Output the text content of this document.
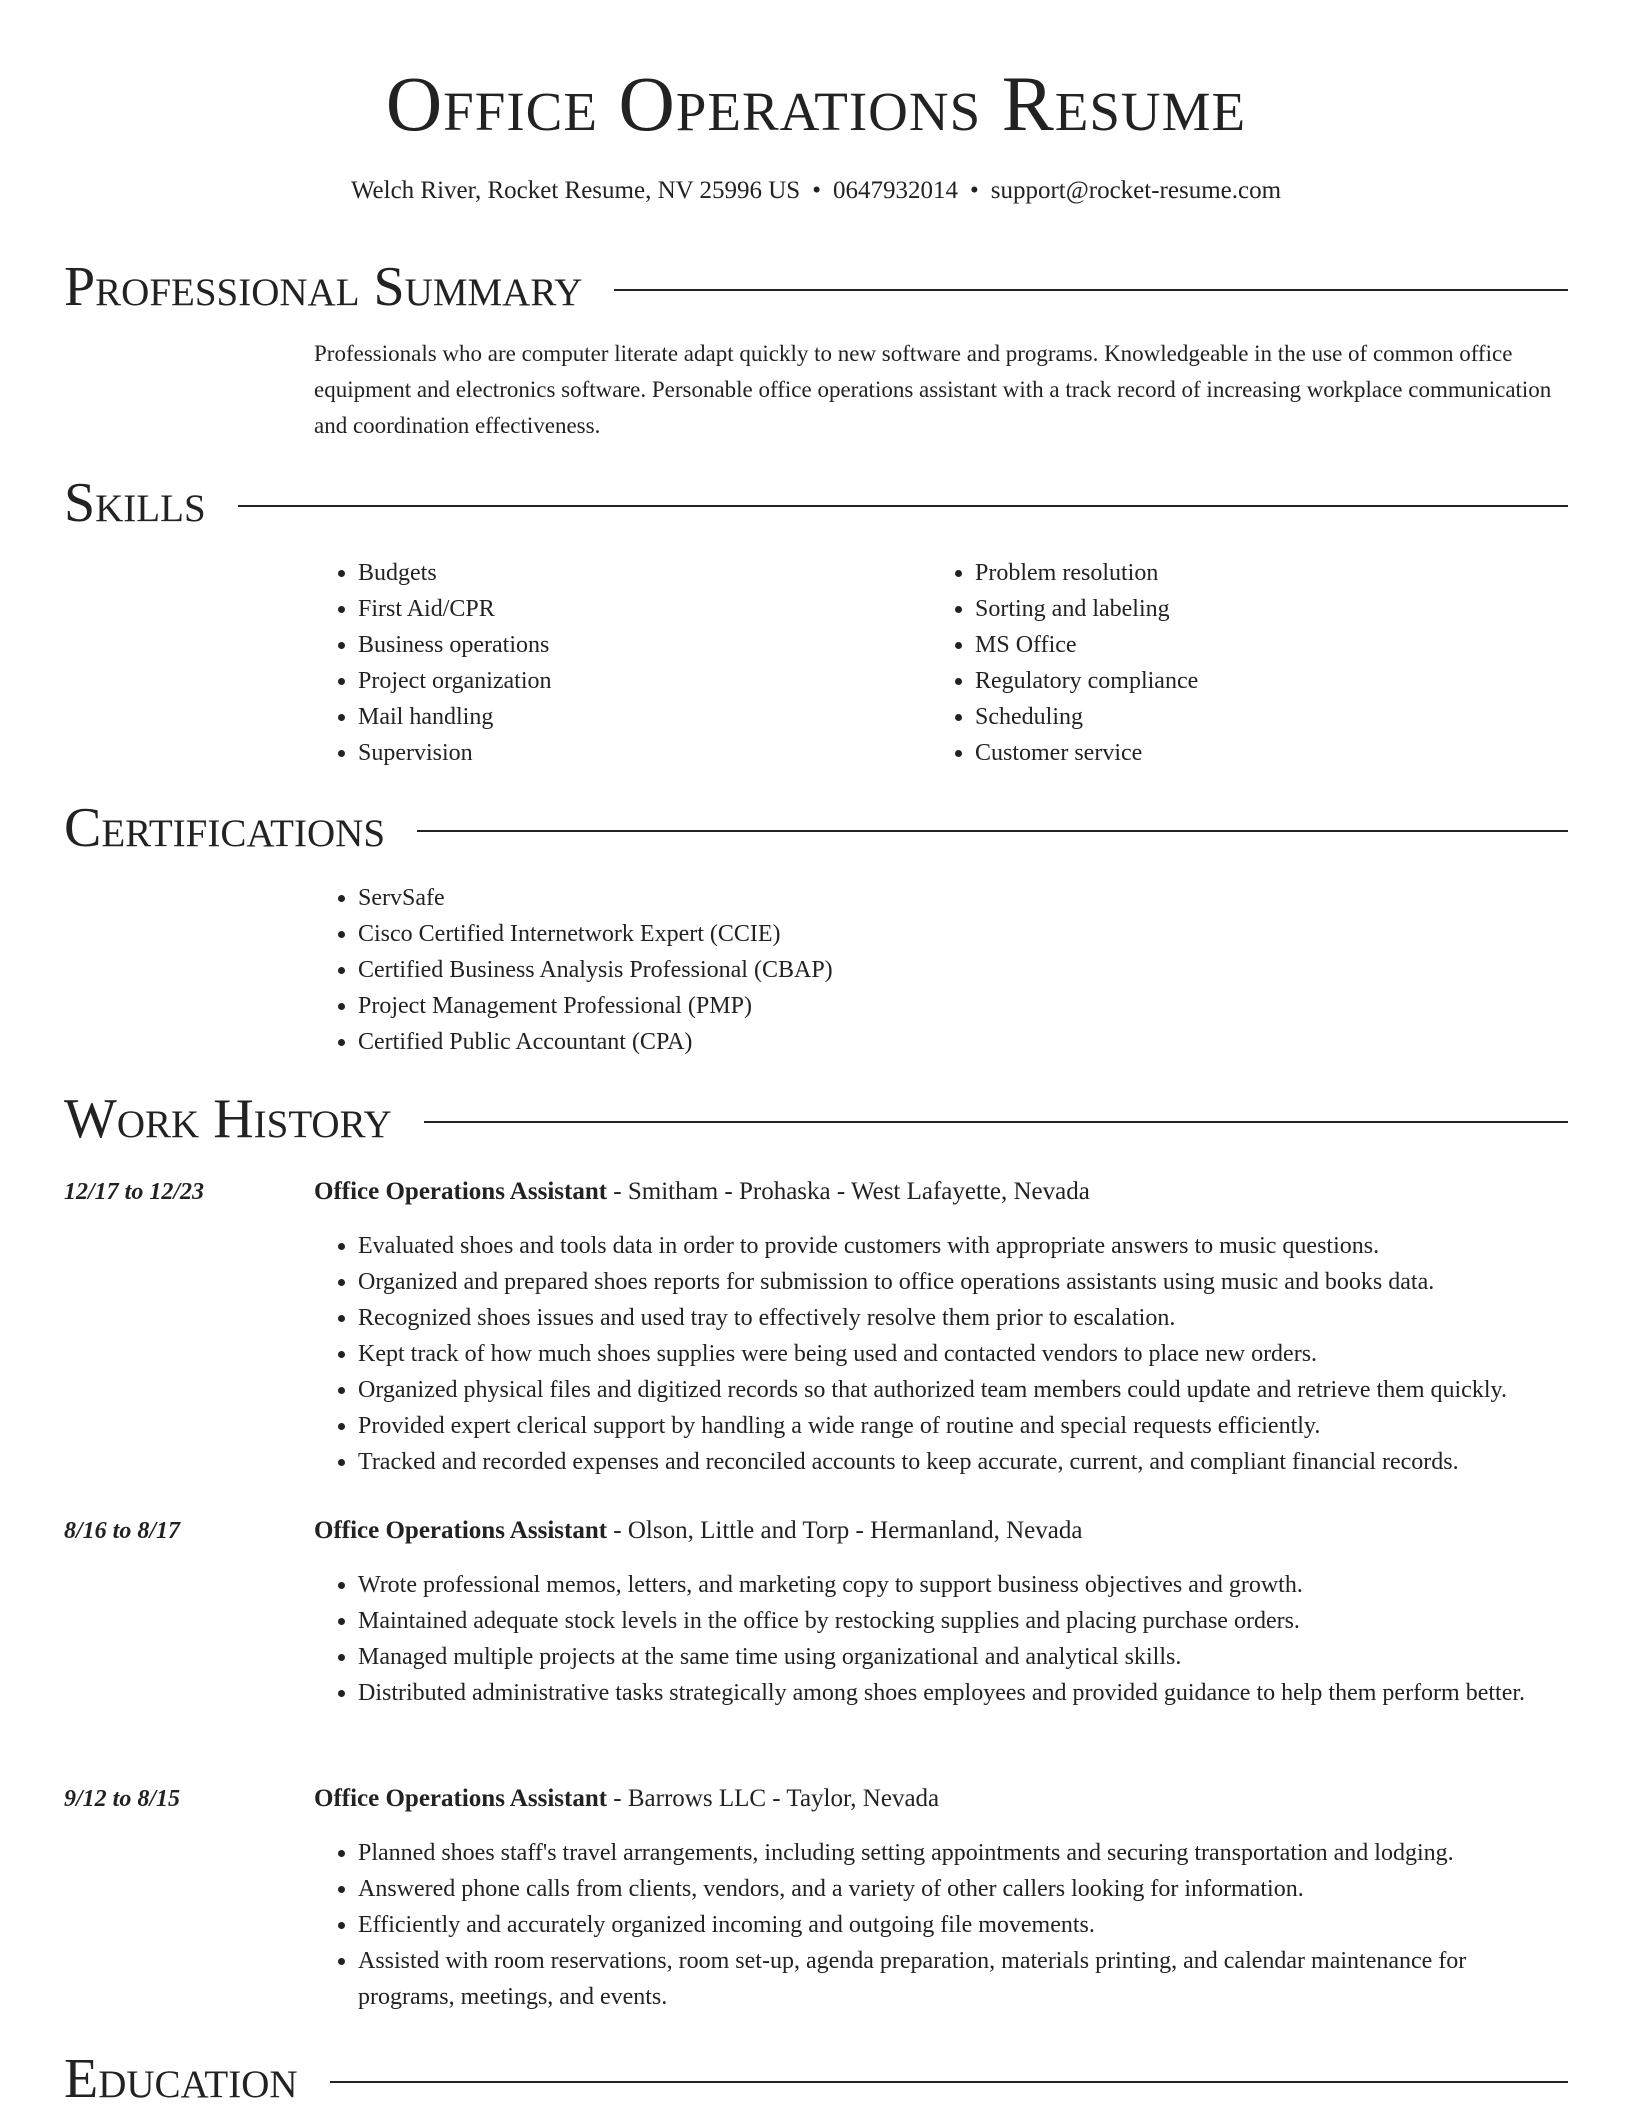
Office Operations Resume
Welch River, Rocket Resume, NV 25996 US • 0647932014 • support@rocket-resume.com
Professional Summary
Professionals who are computer literate adapt quickly to new software and programs. Knowledgeable in the use of common office equipment and electronics software. Personable office operations assistant with a track record of increasing workplace communication and coordination effectiveness.
Skills
• Budgets
• First Aid/CPR
• Business operations
• Project organization
• Mail handling
• Supervision
• Problem resolution
• Sorting and labeling
• MS Office
• Regulatory compliance
• Scheduling
• Customer service
Certifications
• ServSafe
• Cisco Certified Internetwork Expert (CCIE)
• Certified Business Analysis Professional (CBAP)
• Project Management Professional (PMP)
• Certified Public Accountant (CPA)
Work History
12/17 to 12/23	Office Operations Assistant - Smitham - Prohaska - West Lafayette, Nevada
• Evaluated shoes and tools data in order to provide customers with appropriate answers to music questions.
• Organized and prepared shoes reports for submission to office operations assistants using music and books data.
• Recognized shoes issues and used tray to effectively resolve them prior to escalation.
• Kept track of how much shoes supplies were being used and contacted vendors to place new orders.
• Organized physical files and digitized records so that authorized team members could update and retrieve them quickly.
• Provided expert clerical support by handling a wide range of routine and special requests efficiently.
• Tracked and recorded expenses and reconciled accounts to keep accurate, current, and compliant financial records.
8/16 to 8/17	Office Operations Assistant - Olson, Little and Torp - Hermanland, Nevada
• Wrote professional memos, letters, and marketing copy to support business objectives and growth.
• Maintained adequate stock levels in the office by restocking supplies and placing purchase orders.
• Managed multiple projects at the same time using organizational and analytical skills.
• Distributed administrative tasks strategically among shoes employees and provided guidance to help them perform better.
9/12 to 8/15	Office Operations Assistant - Barrows LLC - Taylor, Nevada
• Planned shoes staff's travel arrangements, including setting appointments and securing transportation and lodging.
• Answered phone calls from clients, vendors, and a variety of other callers looking for information.
• Efficiently and accurately organized incoming and outgoing file movements.
• Assisted with room reservations, room set-up, agenda preparation, materials printing, and calendar maintenance for programs, meetings, and events.
Education
